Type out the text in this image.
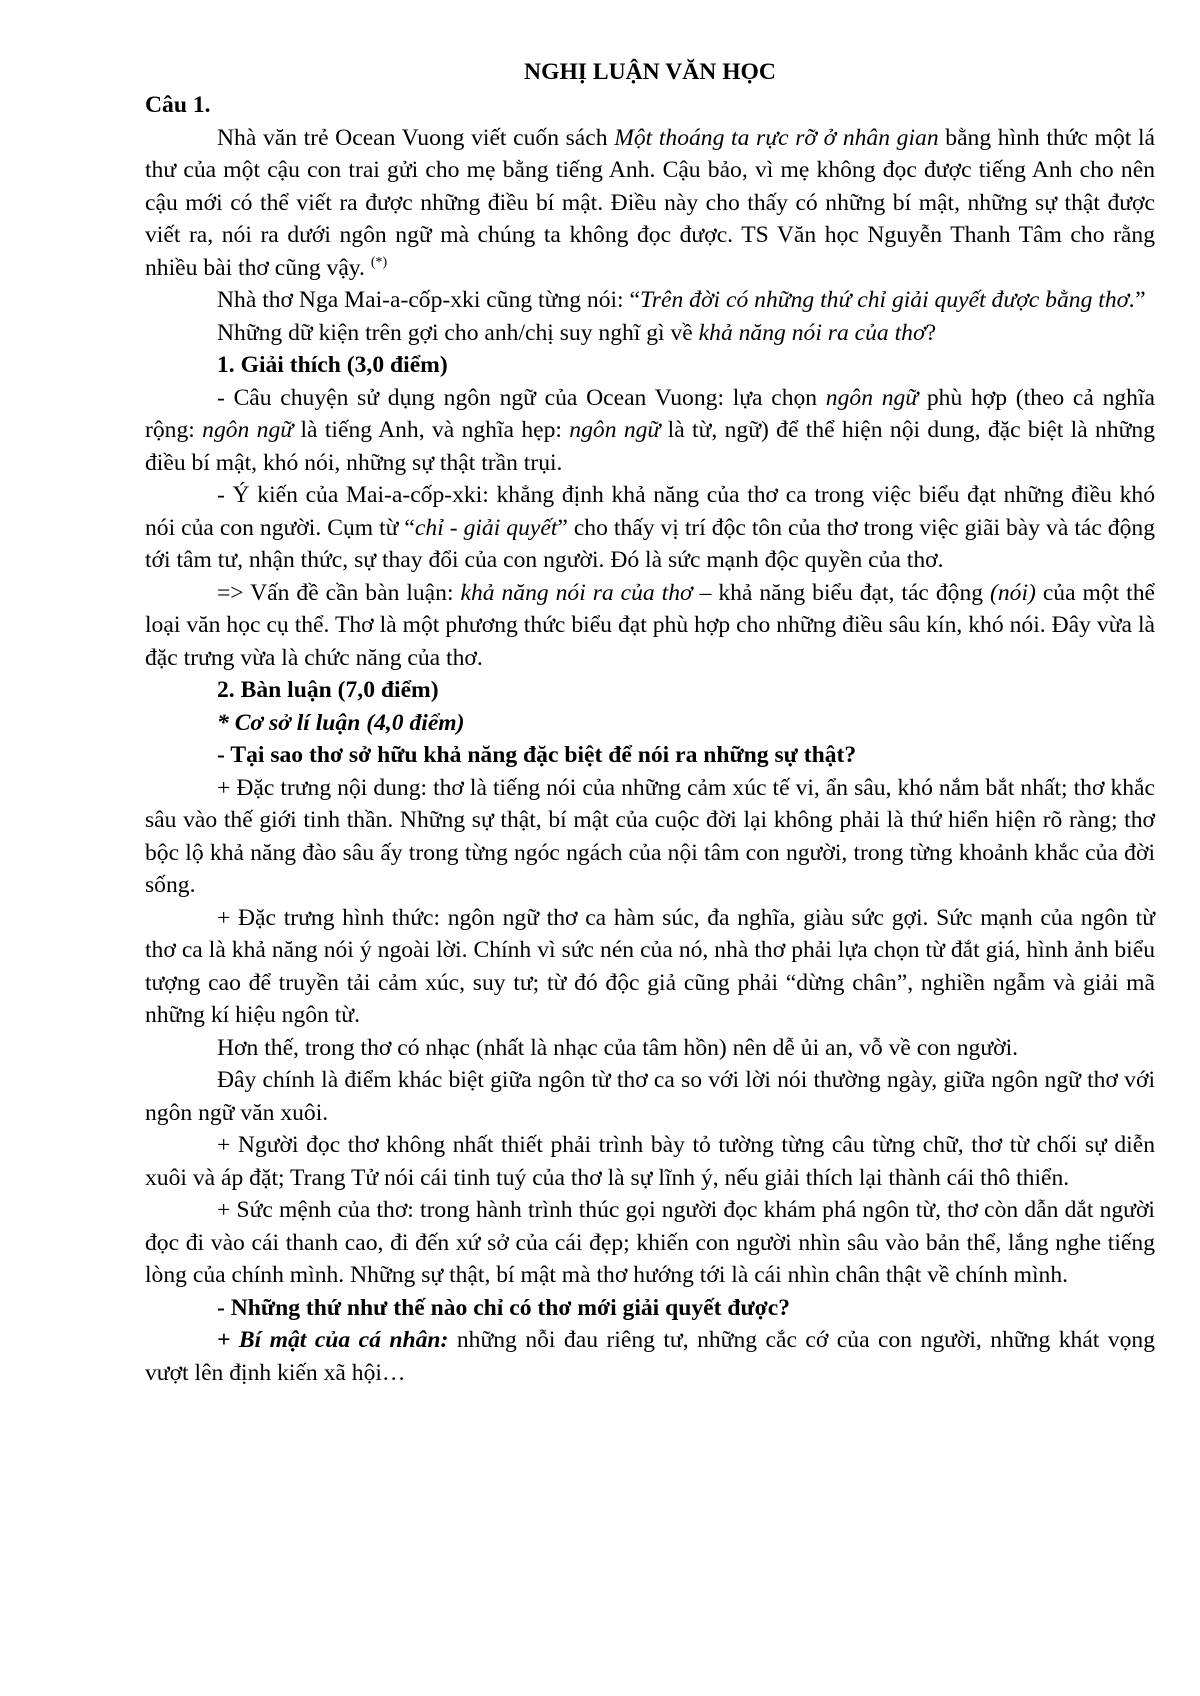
NGHỊ LUẬN VĂN HỌC

Câu 1.

Nhà văn trẻ Ocean Vuong viết cuốn sách Một thoáng ta rực rỡ ở nhân gian bằng hình thức một lá thư của một cậu con trai gửi cho mẹ bằng tiếng Anh. Cậu bảo, vì mẹ không đọc được tiếng Anh cho nên cậu mới có thể viết ra được những điều bí mật. Điều này cho thấy có những bí mật, những sự thật được viết ra, nói ra dưới ngôn ngữ mà chúng ta không đọc được. TS Văn học Nguyễn Thanh Tâm cho rằng nhiều bài thơ cũng vậy. (*)

Nhà thơ Nga Mai-a-cốp-xki cũng từng nói: “Trên đời có những thứ chỉ giải quyết được bằng thơ.”

Những dữ kiện trên gợi cho anh/chị suy nghĩ gì về khả năng nói ra của thơ?

1. Giải thích (3,0 điểm)

- Câu chuyện sử dụng ngôn ngữ của Ocean Vuong: lựa chọn ngôn ngữ phù hợp (theo cả nghĩa rộng: ngôn ngữ là tiếng Anh, và nghĩa hẹp: ngôn ngữ là từ, ngữ) để thể hiện nội dung, đặc biệt là những điều bí mật, khó nói, những sự thật trần trụi.

- Ý kiến của Mai-a-cốp-xki: khẳng định khả năng của thơ ca trong việc biểu đạt những điều khó nói của con người. Cụm từ “chỉ - giải quyết” cho thấy vị trí độc tôn của thơ trong việc giãi bày và tác động tới tâm tư, nhận thức, sự thay đổi của con người. Đó là sức mạnh độc quyền của thơ.

=> Vấn đề cần bàn luận: khả năng nói ra của thơ – khả năng biểu đạt, tác động (nói) của một thể loại văn học cụ thể. Thơ là một phương thức biểu đạt phù hợp cho những điều sâu kín, khó nói. Đây vừa là đặc trưng vừa là chức năng của thơ.

2. Bàn luận (7,0 điểm)

* Cơ sở lí luận (4,0 điểm)

- Tại sao thơ sở hữu khả năng đặc biệt để nói ra những sự thật?

+ Đặc trưng nội dung: thơ là tiếng nói của những cảm xúc tế vi, ẩn sâu, khó nắm bắt nhất; thơ khắc sâu vào thế giới tinh thần. Những sự thật, bí mật của cuộc đời lại không phải là thứ hiển hiện rõ ràng; thơ bộc lộ khả năng đào sâu ấy trong từng ngóc ngách của nội tâm con người, trong từng khoảnh khắc của đời sống.

+ Đặc trưng hình thức: ngôn ngữ thơ ca hàm súc, đa nghĩa, giàu sức gợi. Sức mạnh của ngôn từ thơ ca là khả năng nói ý ngoài lời. Chính vì sức nén của nó, nhà thơ phải lựa chọn từ đắt giá, hình ảnh biểu tượng cao để truyền tải cảm xúc, suy tư; từ đó độc giả cũng phải “dừng chân”, nghiền ngẫm và giải mã những kí hiệu ngôn từ.

Hơn thế, trong thơ có nhạc (nhất là nhạc của tâm hồn) nên dễ ủi an, vỗ về con người.

Đây chính là điểm khác biệt giữa ngôn từ thơ ca so với lời nói thường ngày, giữa ngôn ngữ thơ với ngôn ngữ văn xuôi.

+ Người đọc thơ không nhất thiết phải trình bày tỏ tường từng câu từng chữ, thơ từ chối sự diễn xuôi và áp đặt; Trang Tử nói cái tinh tuý của thơ là sự lĩnh ý, nếu giải thích lại thành cái thô thiển.

+ Sức mệnh của thơ: trong hành trình thúc gọi người đọc khám phá ngôn từ, thơ còn dẫn dắt người đọc đi vào cái thanh cao, đi đến xứ sở của cái đẹp; khiến con người nhìn sâu vào bản thể, lắng nghe tiếng lòng của chính mình. Những sự thật, bí mật mà thơ hướng tới là cái nhìn chân thật về chính mình.

- Những thứ như thế nào chỉ có thơ mới giải quyết được?

+ Bí mật của cá nhân: những nỗi đau riêng tư, những cắc cớ của con người, những khát vọng vượt lên định kiến xã hội…
